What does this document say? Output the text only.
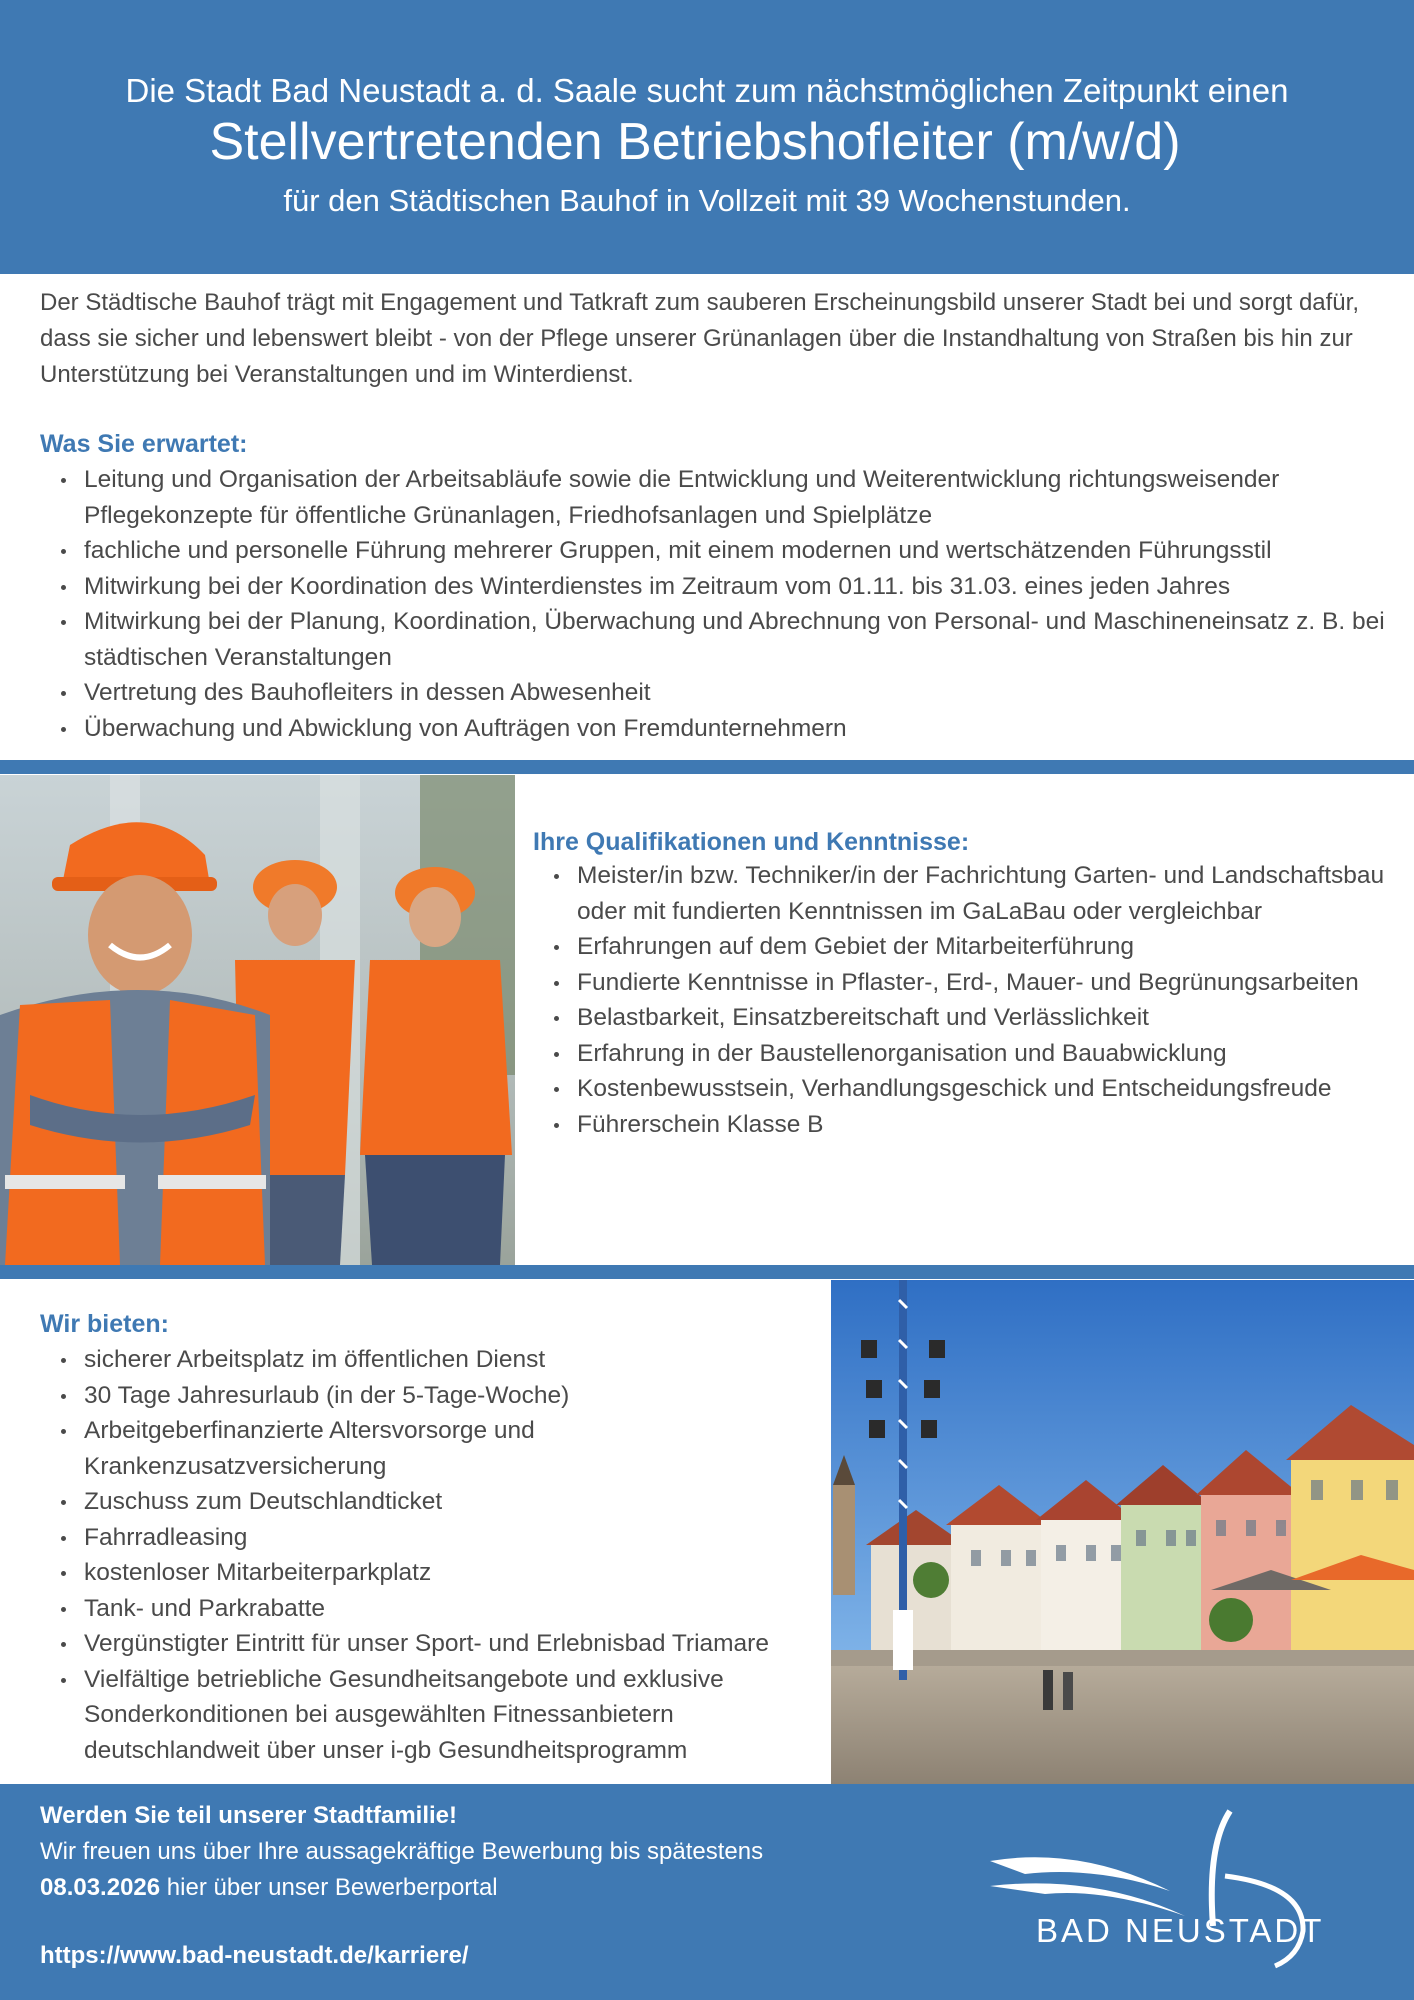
Die Stadt Bad Neustadt a. d. Saale sucht zum nächstmöglichen Zeitpunkt einen
Stellvertretenden Betriebshofleiter (m/w/d)
für den Städtischen Bauhof in Vollzeit mit 39 Wochenstunden.
Der Städtische Bauhof trägt mit Engagement und Tatkraft zum sauberen Erscheinungsbild unserer Stadt bei und sorgt dafür, dass sie sicher und lebenswert bleibt - von der Pflege unserer Grünanlagen über die Instandhaltung von Straßen bis hin zur Unterstützung bei Veranstaltungen und im Winterdienst.
Was Sie erwartet:
Leitung und Organisation der Arbeitsabläufe sowie die Entwicklung und Weiterentwicklung richtungsweisender Pflegekonzepte für öffentliche Grünanlagen, Friedhofsanlagen und Spielplätze
fachliche und personelle Führung mehrerer Gruppen, mit einem modernen und wertschätzenden Führungsstil
Mitwirkung bei der Koordination des Winterdienstes im Zeitraum vom 01.11. bis 31.03. eines jeden Jahres
Mitwirkung bei der Planung, Koordination, Überwachung und Abrechnung von Personal- und Maschineneinsatz z. B. bei städtischen Veranstaltungen
Vertretung des Bauhofleiters in dessen Abwesenheit
Überwachung und Abwicklung von Aufträgen von Fremdunternehmern
Ihre Qualifikationen und Kenntnisse:
Meister/in bzw. Techniker/in der Fachrichtung Garten- und Landschaftsbau oder mit fundierten Kenntnissen im GaLaBau oder vergleichbar
Erfahrungen auf dem Gebiet der Mitarbeiterführung
Fundierte Kenntnisse in Pflaster-, Erd-, Mauer- und Begrünungsarbeiten
Belastbarkeit, Einsatzbereitschaft und Verlässlichkeit
Erfahrung in der Baustellenorganisation und Bauabwicklung
Kostenbewusstsein, Verhandlungsgeschick und Entscheidungsfreude
Führerschein Klasse B
Wir bieten:
sicherer Arbeitsplatz im öffentlichen Dienst
30 Tage Jahresurlaub (in der 5-Tage-Woche)
Arbeitgeberfinanzierte Altersvorsorge und Krankenzusatzversicherung
Zuschuss zum Deutschlandticket
Fahrradleasing
kostenloser Mitarbeiterparkplatz
Tank- und Parkrabatte
Vergünstigter Eintritt für unser Sport- und Erlebnisbad Triamare
Vielfältige betriebliche Gesundheitsangebote und exklusive Sonderkonditionen bei ausgewählten Fitnessanbietern deutschlandweit über unser i-gb Gesundheitsprogramm
Werden Sie teil unserer Stadtfamilie!
Wir freuen uns über Ihre aussagekräftige Bewerbung bis spätestens
08.03.2026 hier über unser Bewerberportal
https://www.bad-neustadt.de/karriere/
BAD NEUSTADT
